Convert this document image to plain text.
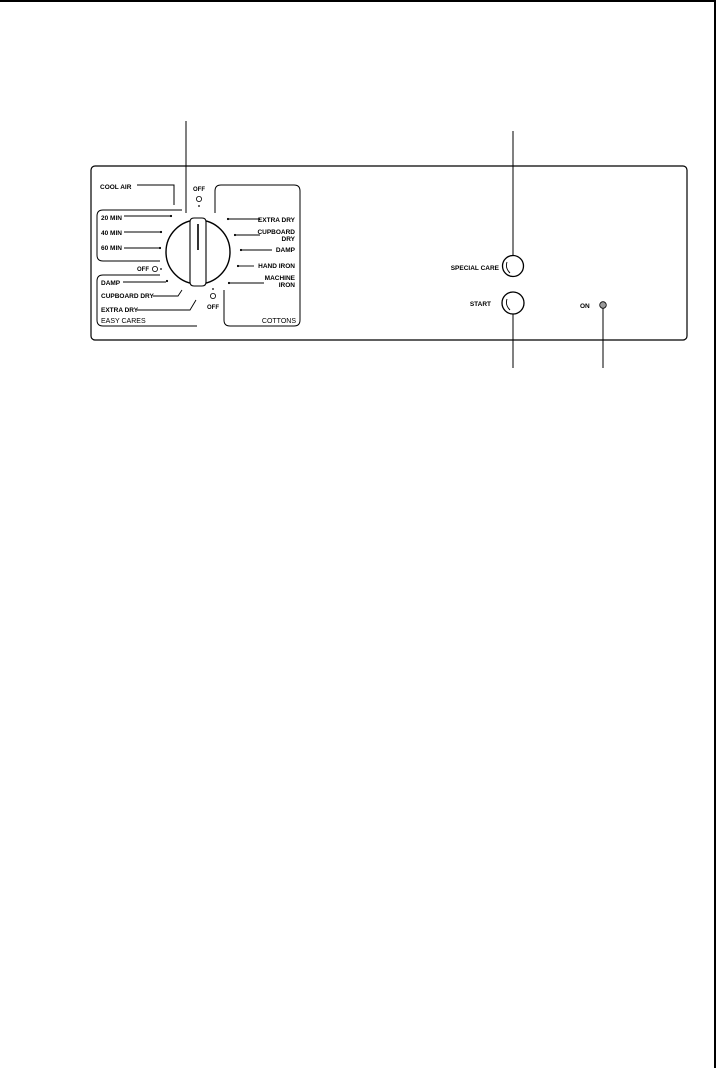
COOL AIR	OFF
20 MIN
40 MIN
60 MIN
OFF
DAMP
CUPBOARD DRY
EXTRA DRY
EASY CARES
OFF
EXTRA DRY
CUPBOARD
DRY
DAMP
HAND IRON
MACHINE
IRON
COTTONS
SPECIAL CARE
START	ON
